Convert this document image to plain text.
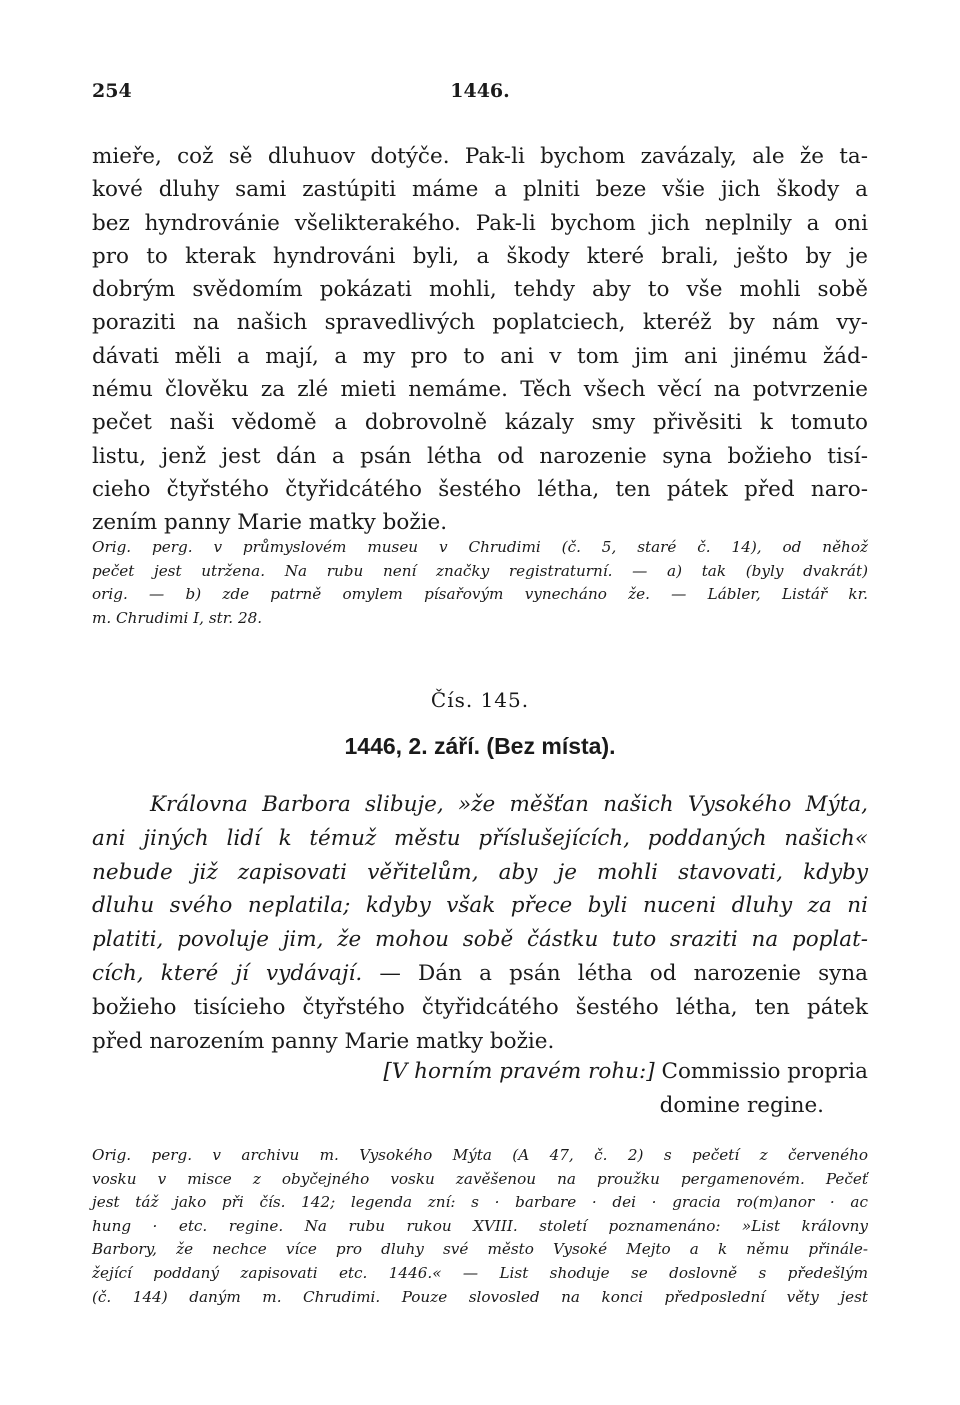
254	1446.
mieře, což sě dluhuov dotýče. Pak-li bychom zavázaly, ale že ta-
kové dluhy sami zastúpiti máme a plniti beze všie jich škody a
bez hyndrovánie všelikterakého. Pak-li bychom jich neplnily a oni
pro to kterak hyndrováni byli, a škody které brali, ješto by je
dobrým svědomím pokázati mohli, tehdy aby to vše mohli sobě
poraziti na našich spravedlivých poplatciech, kteréž by nám vy-
dávati měli a mají, a my pro to ani v tom jim ani jinému žád-
nému člověku za zlé mieti nemáme. Těch všech věcí na potvrzenie
pečet naši vědomě a dobrovolně kázaly smy přivěsiti k tomuto
listu, jenž jest dán a psán létha od narozenie syna božieho tisí-
cieho čtyřstého čtyřidcátého šestého létha, ten pátek před naro-
zením panny Marie matky božie.
Orig. perg. v průmyslovém museu v Chrudimi (č. 5, staré č. 14), od něhož
pečet jest utržena. Na rubu není značky registraturní. — a) tak (byly dvakrát)
orig. — b) zde patrně omylem písařovým vynecháno že. — Lábler, Listář kr.
m. Chrudimi I, str. 28.
Čís. 145.
1446, 2. září. (Bez místa).
Královna Barbora slibuje, »že měšťan našich Vysokého Mýta,
ani jiných lidí k témuž městu příslušejících, poddaných našich«
nebude již zapisovati věřitelům, aby je mohli stavovati, kdyby
dluhu svého neplatila; kdyby však přece byli nuceni dluhy za ni
platiti, povoluje jim, že mohou sobě částku tuto sraziti na poplat-
cích, které jí vydávají. — Dán a psán létha od narozenie syna
božieho tisícieho čtyřstého čtyřidcátého šestého létha, ten pátek
před narozením panny Marie matky božie.
[V horním pravém rohu:] Commissio propria
domine regine.
Orig. perg. v archivu m. Vysokého Mýta (A 47, č. 2) s pečetí z červeného
vosku v misce z obyčejného vosku zavěšenou na proužku pergamenovém. Pečeť
jest táž jako při čís. 142; legenda zní: s · barbare · dei · gracia ro(m)anor · ac
hung · etc. regine. Na rubu rukou XVIII. století poznamenáno: »List královny
Barbory, že nechce více pro dluhy své město Vysoké Mejto a k němu přinále-
žející poddaný zapisovati etc. 1446.« — List shoduje se doslovně s předešlým
(č. 144) daným m. Chrudimi. Pouze slovosled na konci předposlední věty jest
